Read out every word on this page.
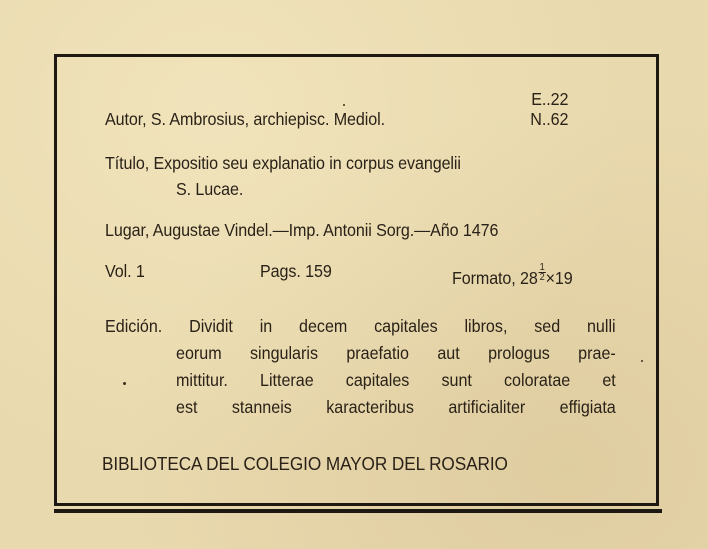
E..22
N..62
Autor, S. Ambrosius, archiepisc. Mediol.
Título, Expositio seu explanatio in corpus evangelii
S. Lucae.
Lugar, Augustae Vindel.—Imp. Antonii Sorg.—Año 1476
Vol. 1	Pags. 159	Formato, $28 \frac{1}{2} \times 19$
Edición. Dividit in decem capitales libros, sed nulli
eorum singularis praefatio aut prologus prae-
mittitur. Litterae capitales sunt coloratae et
est stanneis karacteribus artificialiter effigiata
BIBLIOTECA DEL COLEGIO MAYOR DEL ROSARIO
